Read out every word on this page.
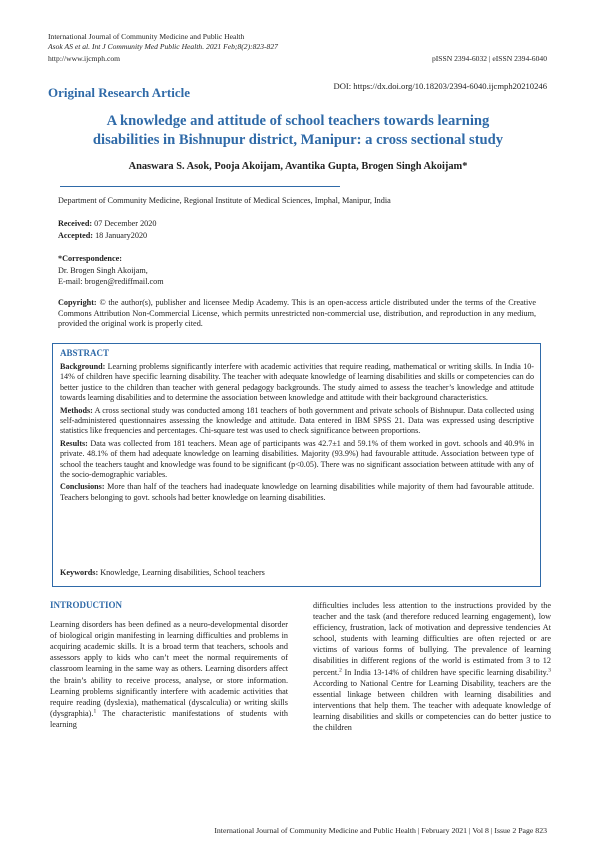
International Journal of Community Medicine and Public Health
Asok AS et al. Int J Community Med Public Health. 2021 Feb;8(2):823-827
http://www.ijcmph.com	pISSN 2394-6032 | eISSN 2394-6040
Original Research Article	DOI: https://dx.doi.org/10.18203/2394-6040.ijcmph20210246
A knowledge and attitude of school teachers towards learning
disabilities in Bishnupur district, Manipur: a cross sectional study
Anaswara S. Asok, Pooja Akoijam, Avantika Gupta, Brogen Singh Akoijam*
Department of Community Medicine, Regional Institute of Medical Sciences, Imphal, Manipur, India
Received: 07 December 2020
Accepted: 18 January2020
*Correspondence:
Dr. Brogen Singh Akoijam,
E-mail: brogen@rediffmail.com
Copyright: © the author(s), publisher and licensee Medip Academy. This is an open-access article distributed under the terms of the Creative Commons Attribution Non-Commercial License, which permits unrestricted non-commercial use, distribution, and reproduction in any medium, provided the original work is properly cited.
ABSTRACT

Background: Learning problems significantly interfere with academic activities that require reading, mathematical or writing skills. In India 10-14% of children have specific learning disability. The teacher with adequate knowledge of learning disabilities and skills or competencies can do better justice to the children than teacher with general pedagogy backgrounds. The study aimed to assess the teacher’s knowledge and attitude towards learning disabilities and to determine the association between knowledge and attitude with their background characteristics.

Methods: A cross sectional study was conducted among 181 teachers of both government and private schools of Bishnupur. Data collected using self-administered questionnaires assessing the knowledge and attitude. Data entered in IBM SPSS 21. Data was expressed using descriptive statistics like frequencies and percentages. Chi-square test was used to check significance between proportions.

Results: Data was collected from 181 teachers. Mean age of participants was 42.7±1 and 59.1% of them worked in govt. schools and 40.9% in private. 48.1% of them had adequate knowledge on learning disabilities. Majority (93.9%) had favourable attitude. Association between type of school the teachers taught and knowledge was found to be significant (p<0.05). There was no significant association between attitude with any of the socio-demographic variables.

Conclusions: More than half of the teachers had inadequate knowledge on learning disabilities while majority of them had favourable attitude. Teachers belonging to govt. schools had better knowledge on learning disabilities.

Keywords: Knowledge, Learning disabilities, School teachers

INTRODUCTION

Learning disorders has been defined as a neuro-developmental disorder of biological origin manifesting in learning difficulties and problems in acquiring academic skills. It is a broad term that teachers, schools and assessors apply to kids who can’t meet the normal requirements of classroom learning in the same way as others. Learning disorders affect the brain’s ability to receive process, analyse, or store information. Learning problems significantly interfere with academic activities that require reading (dyslexia), mathematical (dyscalculia) or writing skills (dysgraphia).$^1$ The characteristic manifestations of students with learning

difficulties includes less attention to the instructions provided by the teacher and the task (and therefore reduced learning engagement), low efficiency, frustration, lack of motivation and depressive tendencies At school, students with learning difficulties are often rejected or are victims of various forms of bullying. The prevalence of learning disabilities in different regions of the world is estimated from 3 to 12 percent.$^2$ In India 13-14% of children have specific learning disability.$^3$ According to National Centre for Learning Disability, teachers are the essential linkage between children with learning disabilities and interventions that help them. The teacher with adequate knowledge of learning disabilities and skills or competencies can do better justice to the children

International Journal of Community Medicine and Public Health | February 2021 | Vol 8 | Issue 2 Page 823
